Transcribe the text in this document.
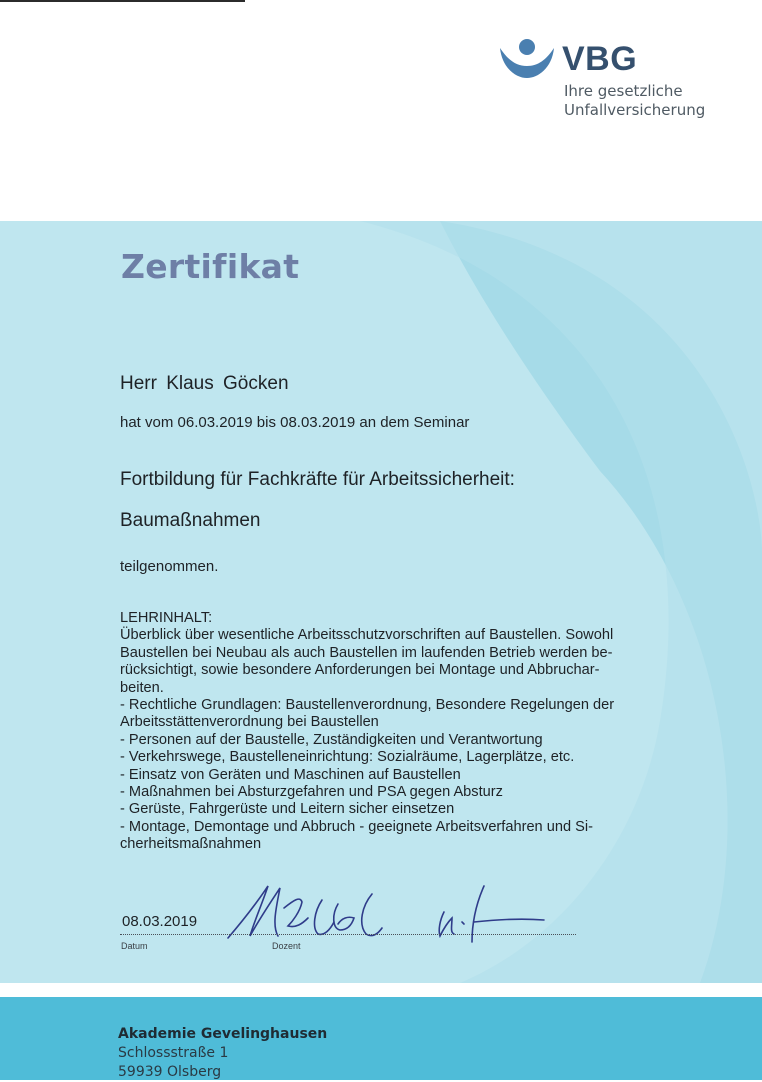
VBG
Ihre gesetzliche
Unfallversicherung
Akademie Gevelinghausen
Schlossstraße 1
59939 Olsberg
Zertifikat
Herr Klaus Göcken
hat vom 06.03.2019 bis 08.03.2019 an dem Seminar
Fortbildung für Fachkräfte für Arbeitssicherheit:
Baumaßnahmen
teilgenommen.
LEHRINHALT:
Überblick über wesentliche Arbeitsschutzvorschriften auf Baustellen. Sowohl
Baustellen bei Neubau als auch Baustellen im laufenden Betrieb werden be-
rücksichtigt, sowie besondere Anforderungen bei Montage und Abbruchar-
beiten.
- Rechtliche Grundlagen: Baustellenverordnung, Besondere Regelungen der
Arbeitsstättenverordnung bei Baustellen
- Personen auf der Baustelle, Zuständigkeiten und Verantwortung
- Verkehrswege, Baustelleneinrichtung: Sozialräume, Lagerplätze, etc.
- Einsatz von Geräten und Maschinen auf Baustellen
- Maßnahmen bei Absturzgefahren und PSA gegen Absturz
- Gerüste, Fahrgerüste und Leitern sicher einsetzen
- Montage, Demontage und Abbruch - geeignete Arbeitsverfahren und Si-
cherheitsmaßnahmen
08.03.2019
Datum	Dozent
